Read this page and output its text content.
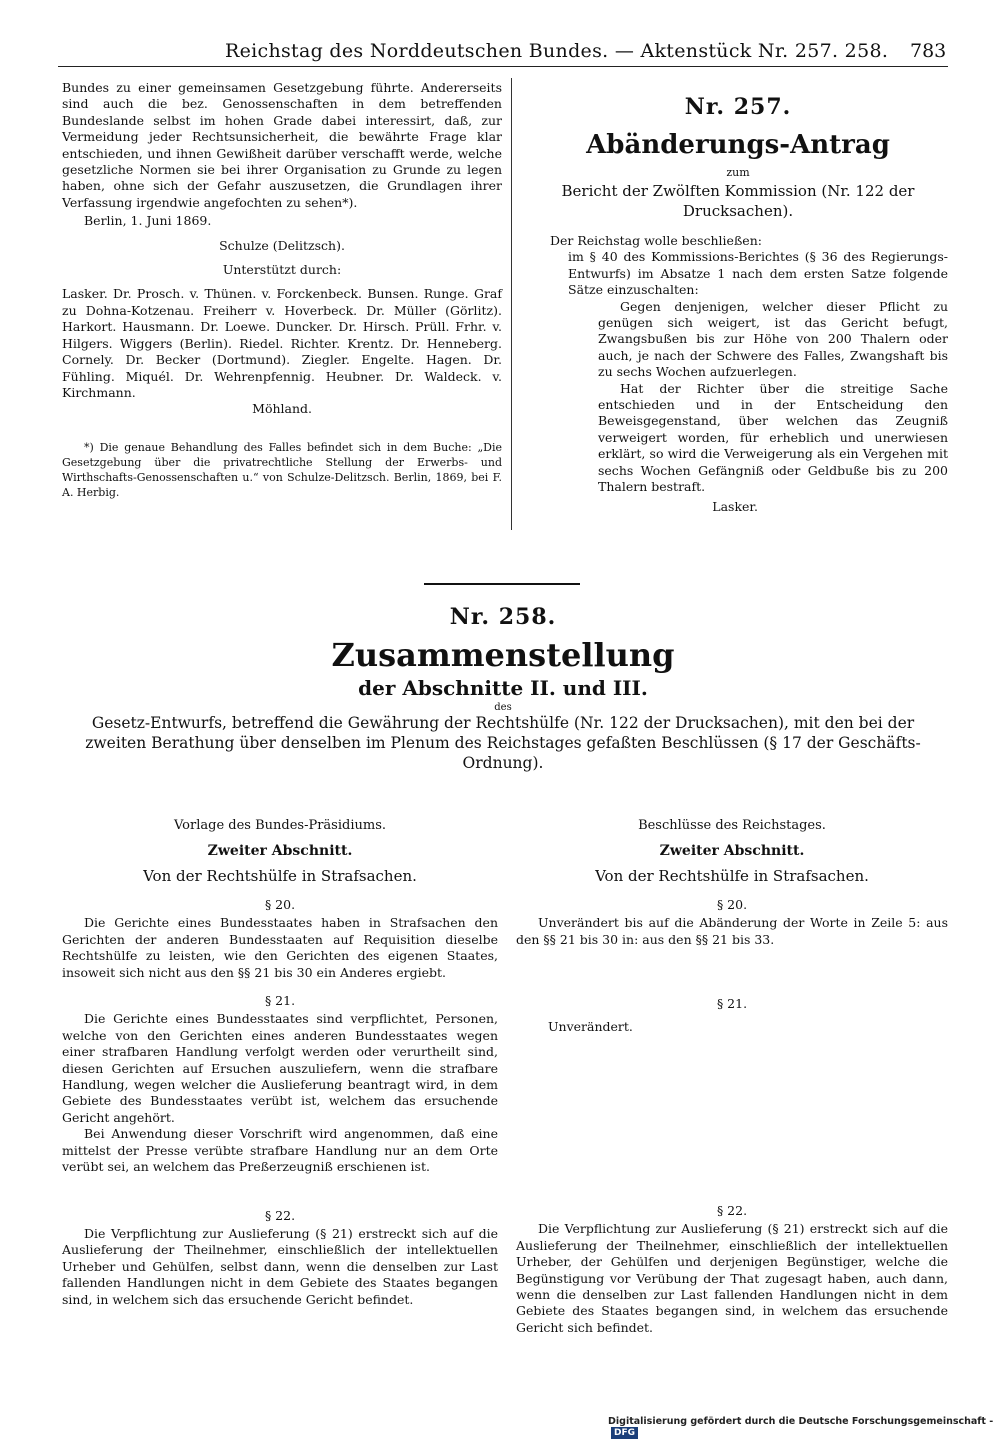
Reichstag des Norddeutschen Bundes. — Aktenstück Nr. 257. 258.	783

Bundes zu einer gemeinsamen Gesetzgebung führte. Andererseits sind auch die bez. Genossenschaften in dem betreffenden Bundeslande selbst im hohen Grade dabei interessirt, daß, zur Vermeidung jeder Rechtsunsicherheit, die bewährte Frage klar entschieden, und ihnen Gewißheit darüber verschafft werde, welche gesetzliche Normen sie bei ihrer Organisation zu Grunde zu legen haben, ohne sich der Gefahr auszusetzen, die Grundlagen ihrer Verfassung irgendwie angefochten zu sehen*).

Berlin, 1. Juni 1869.

Schulze (Delitzsch).

Unterstützt durch:

Lasker. Dr. Prosch. v. Thünen. v. Forckenbeck. Bunsen. Runge. Graf zu Dohna-Kotzenau. Freiherr v. Hoverbeck. Dr. Müller (Görlitz). Harkort. Hausmann. Dr. Loewe. Duncker. Dr. Hirsch. Prüll. Frhr. v. Hilgers. Wiggers (Berlin). Riedel. Richter. Krentz. Dr. Henneberg. Cornely. Dr. Becker (Dortmund). Ziegler. Engelte. Hagen. Dr. Fühling. Miquél. Dr. Wehrenpfennig. Heubner. Dr. Waldeck. v. Kirchmann.

Möhland.

*) Die genaue Behandlung des Falles befindet sich in dem Buche: „Die Gesetzgebung über die privatrechtliche Stellung der Erwerbs- und Wirthschafts-Genossenschaften u.“ von Schulze-Delitzsch. Berlin, 1869, bei F. A. Herbig.

Nr. 257.

Abänderungs-Antrag

zum

Bericht der Zwölften Kommission (Nr. 122 der Drucksachen).

Der Reichstag wolle beschließen:

im § 40 des Kommissions-Berichtes (§ 36 des Regierungs-Entwurfs) im Absatze 1 nach dem ersten Satze folgende Sätze einzuschalten:

Gegen denjenigen, welcher dieser Pflicht zu genügen sich weigert, ist das Gericht befugt, Zwangsbußen bis zur Höhe von 200 Thalern oder auch, je nach der Schwere des Falles, Zwangshaft bis zu sechs Wochen aufzuerlegen.

Hat der Richter über die streitige Sache entschieden und in der Entscheidung den Beweisgegenstand, über welchen das Zeugniß verweigert worden, für erheblich und unerwiesen erklärt, so wird die Verweigerung als ein Vergehen mit sechs Wochen Gefängniß oder Geldbuße bis zu 200 Thalern bestraft.

Lasker.

Nr. 258.

Zusammenstellung

der Abschnitte II. und III.

des

Gesetz-Entwurfs, betreffend die Gewährung der Rechtshülfe (Nr. 122 der Drucksachen), mit den bei der zweiten Berathung über denselben im Plenum des Reichstages gefaßten Beschlüssen (§ 17 der Geschäfts-Ordnung).

Vorlage des Bundes-Präsidiums.

Zweiter Abschnitt.

Von der Rechtshülfe in Strafsachen.

§ 20.

Die Gerichte eines Bundesstaates haben in Strafsachen den Gerichten der anderen Bundesstaaten auf Requisition dieselbe Rechtshülfe zu leisten, wie den Gerichten des eigenen Staates, insoweit sich nicht aus den §§ 21 bis 30 ein Anderes ergiebt.

§ 21.

Die Gerichte eines Bundesstaates sind verpflichtet, Personen, welche von den Gerichten eines anderen Bundesstaates wegen einer strafbaren Handlung verfolgt werden oder verurtheilt sind, diesen Gerichten auf Ersuchen auszuliefern, wenn die strafbare Handlung, wegen welcher die Auslieferung beantragt wird, in dem Gebiete des Bundesstaates verübt ist, welchem das ersuchende Gericht angehört.

Bei Anwendung dieser Vorschrift wird angenommen, daß eine mittelst der Presse verübte strafbare Handlung nur an dem Orte verübt sei, an welchem das Preßerzeugniß erschienen ist.

§ 22.

Die Verpflichtung zur Auslieferung (§ 21) erstreckt sich auf die Auslieferung der Theilnehmer, einschließlich der intellektuellen Urheber und Gehülfen, selbst dann, wenn die denselben zur Last fallenden Handlungen nicht in dem Gebiete des Staates begangen sind, in welchem sich das ersuchende Gericht befindet.

Beschlüsse des Reichstages.

Zweiter Abschnitt.

Von der Rechtshülfe in Strafsachen.

§ 20.

Unverändert bis auf die Abänderung der Worte in Zeile 5: aus den §§ 21 bis 30 in: aus den §§ 21 bis 33.

§ 21.

Unverändert.

§ 22.

Die Verpflichtung zur Auslieferung (§ 21) erstreckt sich auf die Auslieferung der Theilnehmer, einschließlich der intellektuellen Urheber, der Gehülfen und derjenigen Begünstiger, welche die Begünstigung vor Verübung der That zugesagt haben, auch dann, wenn die denselben zur Last fallenden Handlungen nicht in dem Gebiete des Staates begangen sind, in welchem das ersuchende Gericht sich befindet.

Digitalisierung gefördert durch die Deutsche Forschungsgemeinschaft -DFG
